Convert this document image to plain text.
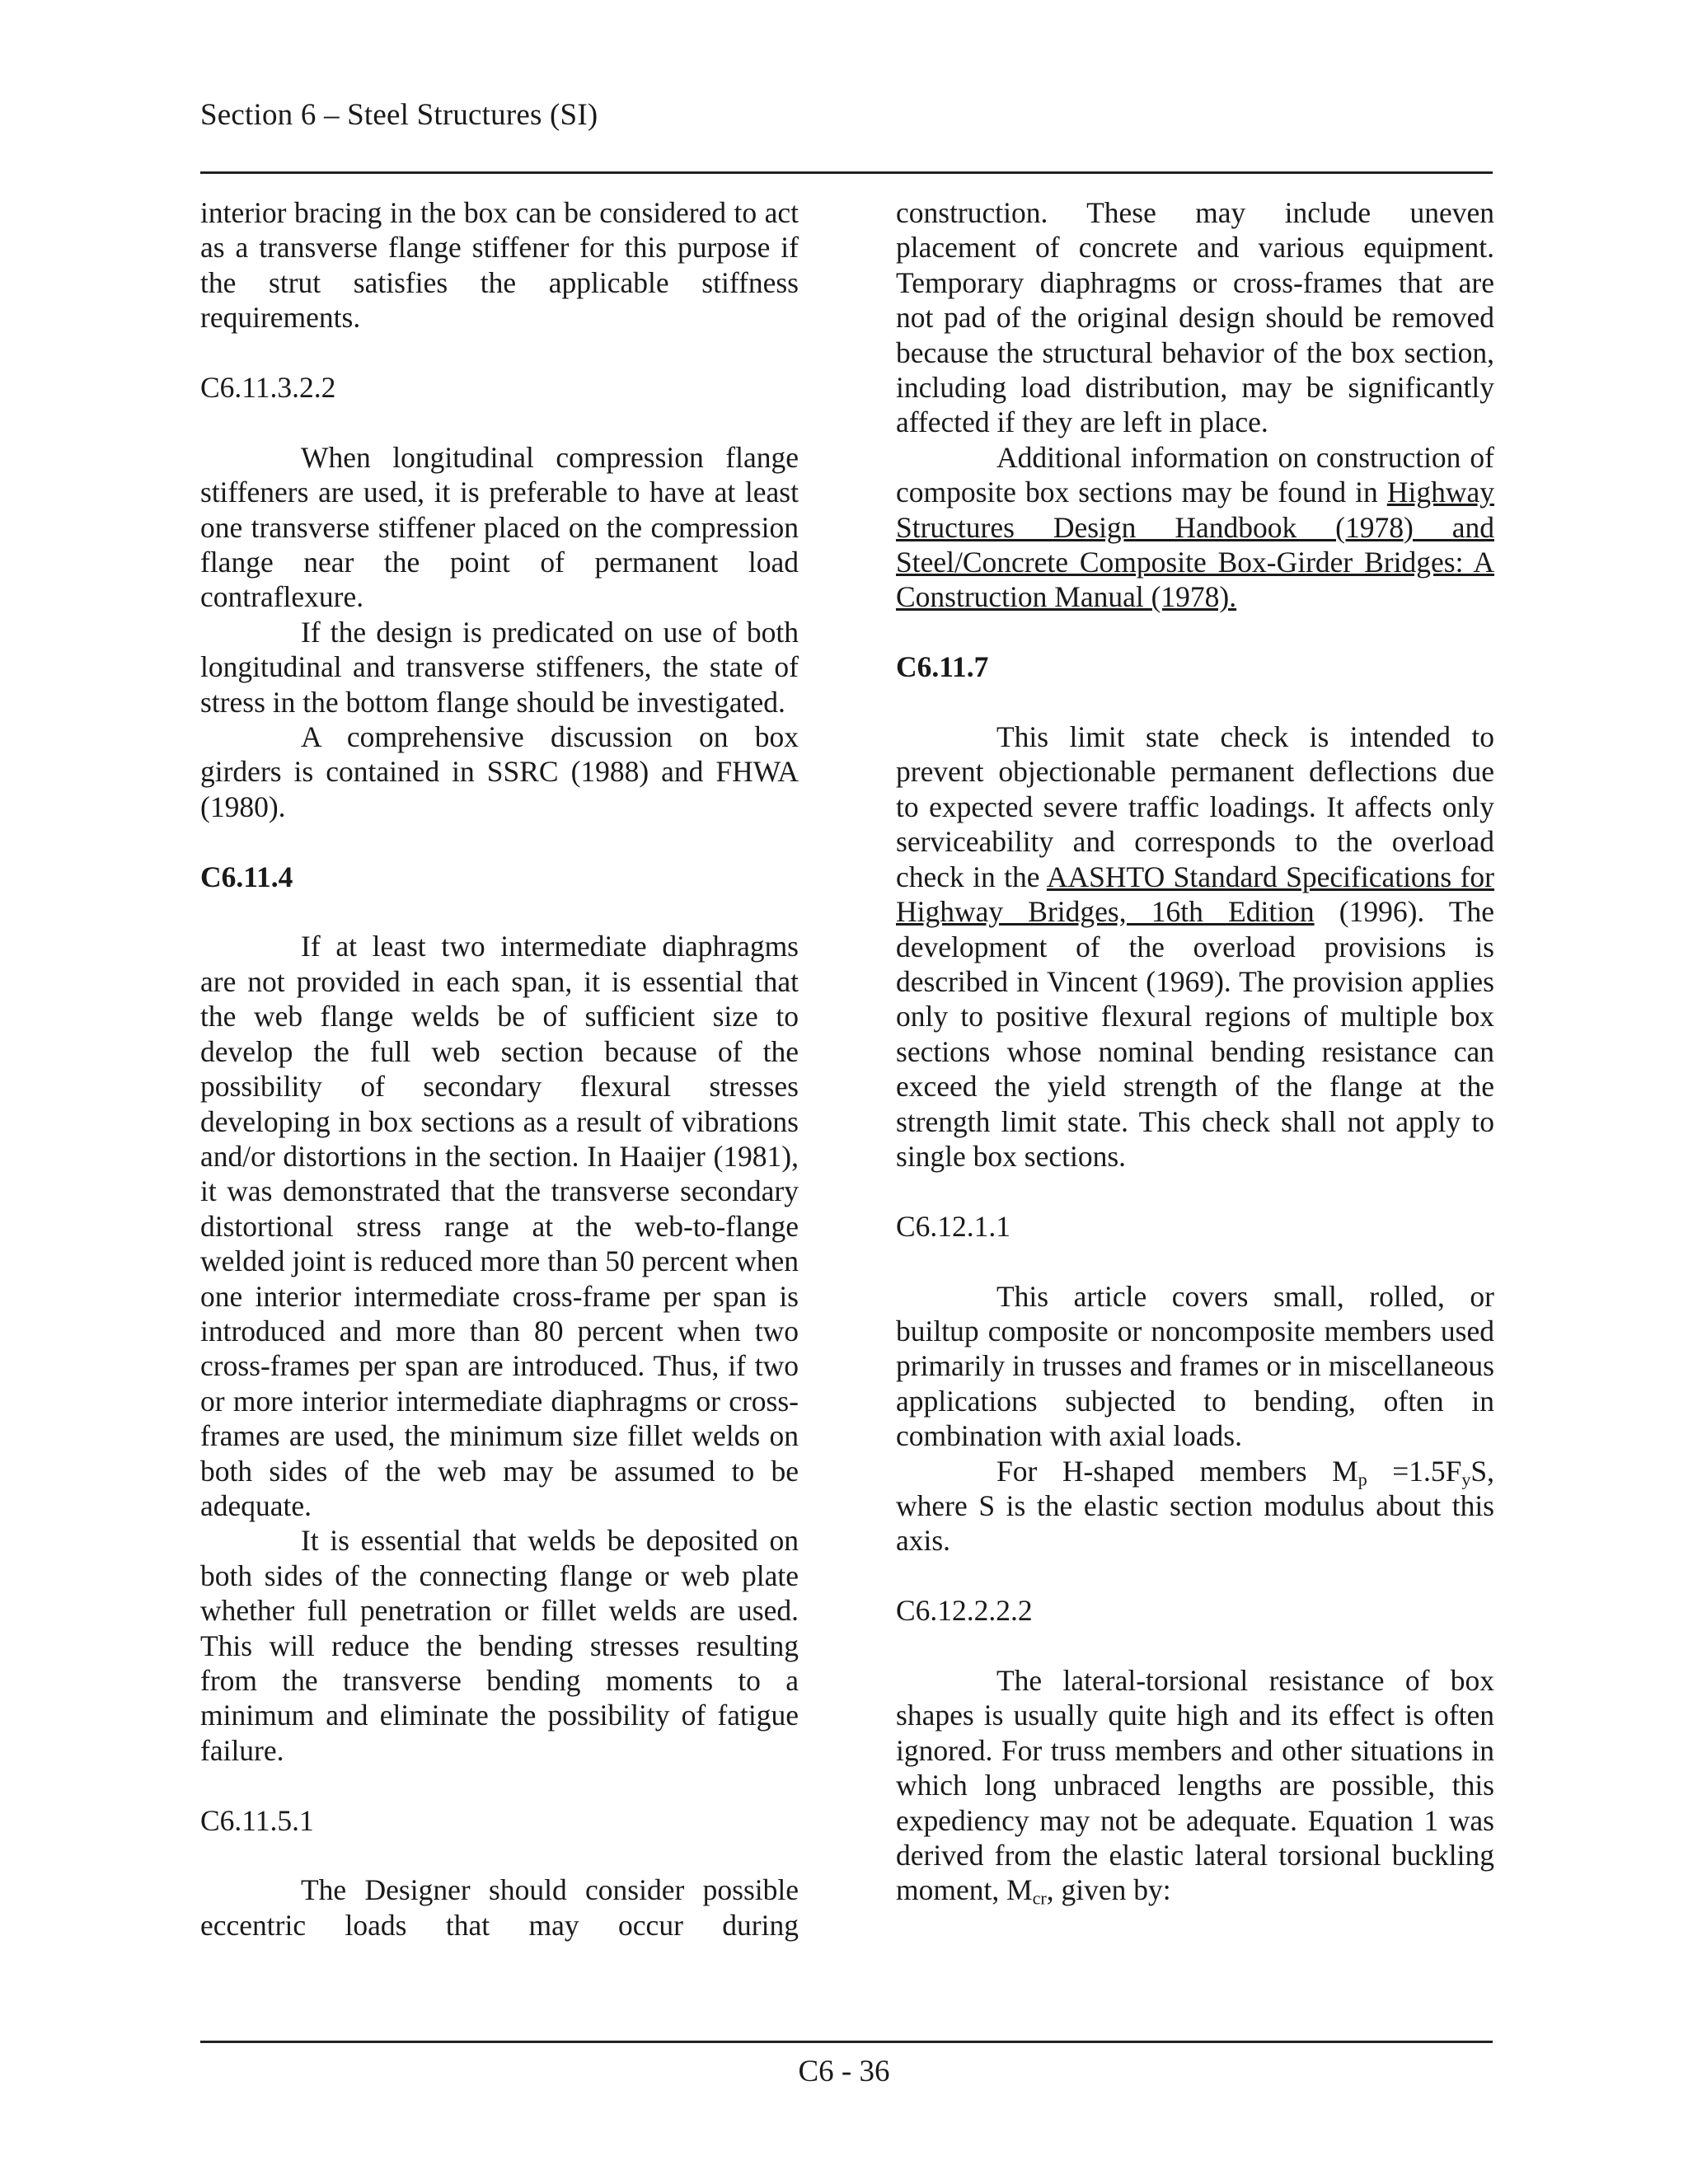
Section 6 – Steel Structures (SI)

interior bracing in the box can be considered to act as a transverse flange stiffener for this purpose if the strut satisfies the applicable stiffness requirements.

C6.11.3.2.2

When longitudinal compression flange stiffeners are used, it is preferable to have at least one transverse stiffener placed on the compression flange near the point of permanent load contraflexure.

If the design is predicated on use of both longitudinal and transverse stiffeners, the state of stress in the bottom flange should be investigated.

A comprehensive discussion on box girders is contained in SSRC (1988) and FHWA (1980).

C6.11.4

If at least two intermediate diaphragms are not provided in each span, it is essential that the web flange welds be of sufficient size to develop the full web section because of the possibility of secondary flexural stresses developing in box sections as a result of vibrations and/or distortions in the section. In Haaijer (1981), it was demonstrated that the transverse secondary distortional stress range at the web-to-flange welded joint is reduced more than 50 percent when one interior intermediate cross-frame per span is introduced and more than 80 percent when two cross-frames per span are introduced. Thus, if two or more interior intermediate diaphragms or cross-frames are used, the minimum size fillet welds on both sides of the web may be assumed to be adequate.

It is essential that welds be deposited on both sides of the connecting flange or web plate whether full penetration or fillet welds are used. This will reduce the bending stresses resulting from the transverse bending moments to a minimum and eliminate the possibility of fatigue failure.

C6.11.5.1

The Designer should consider possible eccentric loads that may occur during

construction. These may include uneven placement of concrete and various equipment. Temporary diaphragms or cross-frames that are not pad of the original design should be removed because the structural behavior of the box section, including load distribution, may be significantly affected if they are left in place.

Additional information on construction of composite box sections may be found in Highway Structures Design Handbook (1978) and Steel/Concrete Composite Box-Girder Bridges: A Construction Manual (1978).

C6.11.7

This limit state check is intended to prevent objectionable permanent deflections due to expected severe traffic loadings. It affects only serviceability and corresponds to the overload check in the AASHTO Standard Specifications for Highway Bridges, 16th Edition (1996). The development of the overload provisions is described in Vincent (1969). The provision applies only to positive flexural regions of multiple box sections whose nominal bending resistance can exceed the yield strength of the flange at the strength limit state. This check shall not apply to single box sections.

C6.12.1.1

This article covers small, rolled, or builtup composite or noncomposite members used primarily in trusses and frames or in miscellaneous applications subjected to bending, often in combination with axial loads.

For H-shaped members $M_p =1.5F_yS$, where S is the elastic section modulus about this axis.

C6.12.2.2.2

The lateral-torsional resistance of box shapes is usually quite high and its effect is often ignored. For truss members and other situations in which long unbraced lengths are possible, this expediency may not be adequate. Equation 1 was derived from the elastic lateral torsional buckling moment, $M_{cr}$, given by:

C6 - 36
